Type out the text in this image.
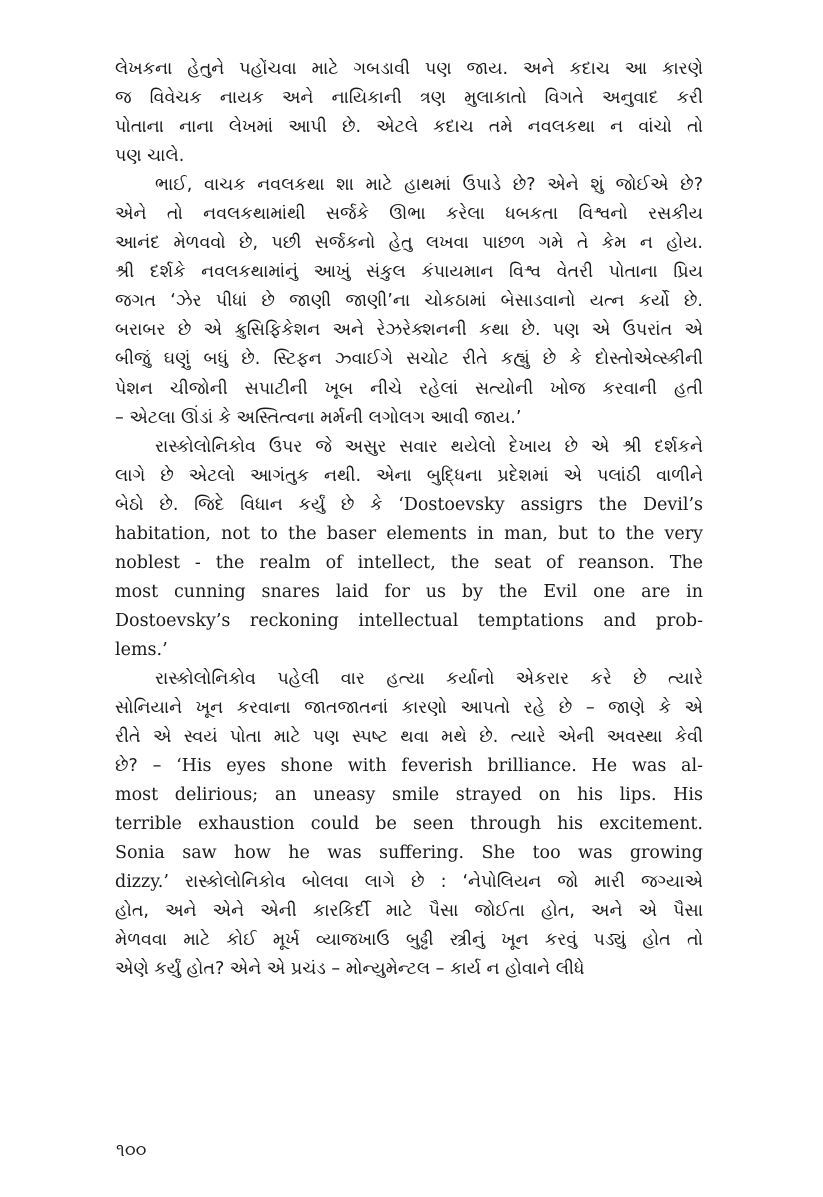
લેખકના હેતુને પહોંચવા માટે ગબડાવી પણ જાય. અને કદાચ આ કારણે
જ વિવેચક નાયક અને નાયિકાની ત્રણ મુલાકાતો વિગતે અનુવાદ કરી
પોતાના નાના લેખમાં આપી છે. એટલે કદાચ તમે નવલકથા ન વાંચો તો
પણ ચાલે.
ભાઈ, વાચક નવલકથા શા માટે હાથમાં ઉપાડે છે? એને શું જોઈએ છે?
એને તો નવલકથામાંથી સર્જકે ઊભા કરેલા ધબકતા વિશ્વનો રસકીય
આનંદ મેળવવો છે, પછી સર્જકનો હેતુ લખવા પાછળ ગમે તે કેમ ન હોય.
શ્રી દર્શકે નવલકથામાંનું આખું સંકુલ કંપાયમાન વિશ્વ વેતરી પોતાના પ્રિય
જગત ‘ઝેર પીધાં છે જાણી જાણી’ના ચોકઠામાં બેસાડવાનો યત્ન કર્યો છે.
બરાબર છે એ ક્રુસિફિકેશન અને રેઝરેક્શનની કથા છે. પણ એ ઉપરાંત એ
બીજું ઘણું બધું છે. સ્ટિફન ઝ્વાઈગે સચોટ રીતે કહ્યું છે કે દોસ્તોએવ્સ્કીની
પેશન ચીજોની સપાટીની ખૂબ નીચે રહેલાં સત્યોની ખોજ કરવાની હતી
– એટલા ઊંડાં કે અસ્તિત્વના મર્મની લગોલગ આવી જાય.’
રાસ્કોલોનિકોવ ઉપર જે અસુર સવાર થયેલો દેખાય છે એ શ્રી દર્શકને
લાગે છે એટલો આગંતુક નથી. એના બુદ્ધિના પ્રદેશમાં એ પલાંઠી વાળીને
બેઠો છે. જિદે વિધાન કર્યું છે કે ‘Dostoevsky assigrs the Devil’s
habitation, not to the baser elements in man, but to the very
noblest - the realm of intellect, the seat of reanson. The
most cunning snares laid for us by the Evil one are in
Dostoevsky’s reckoning intellectual temptations and prob-
lems.’
રાસ્કોલોનિકોવ પહેલી વાર હત્યા કર્યાનો એકરાર કરે છે ત્યારે
સોનિયાને ખૂન કરવાના જાતજાતનાં કારણો આપતો રહે છે – જાણે કે એ
રીતે એ સ્વયં પોતા માટે પણ સ્પષ્ટ થવા મથે છે. ત્યારે એની અવસ્થા કેવી
છે? – ‘His eyes shone with feverish brilliance. He was al-
most delirious; an uneasy smile strayed on his lips. His
terrible exhaustion could be seen through his excitement.
Sonia saw how he was suffering. She too was growing
dizzy.’ રાસ્કોલોનિકોવ બોલવા લાગે છે : ‘નેપોલિયન જો મારી જગ્યાએ
હોત, અને એને એની કારકિર્દી માટે પૈસા જોઈતા હોત, અને એ પૈસા
મેળવવા માટે કોઈ મૂર્ખ વ્યાજખાઉ બુઢ્ઢી સ્ત્રીનું ખૂન કરવું પડ્યું હોત તો
એણે કર્યું હોત? એને એ પ્રચંડ – મોન્યુમેન્ટલ – કાર્ય ન હોવાને લીધે
૧૦૦
